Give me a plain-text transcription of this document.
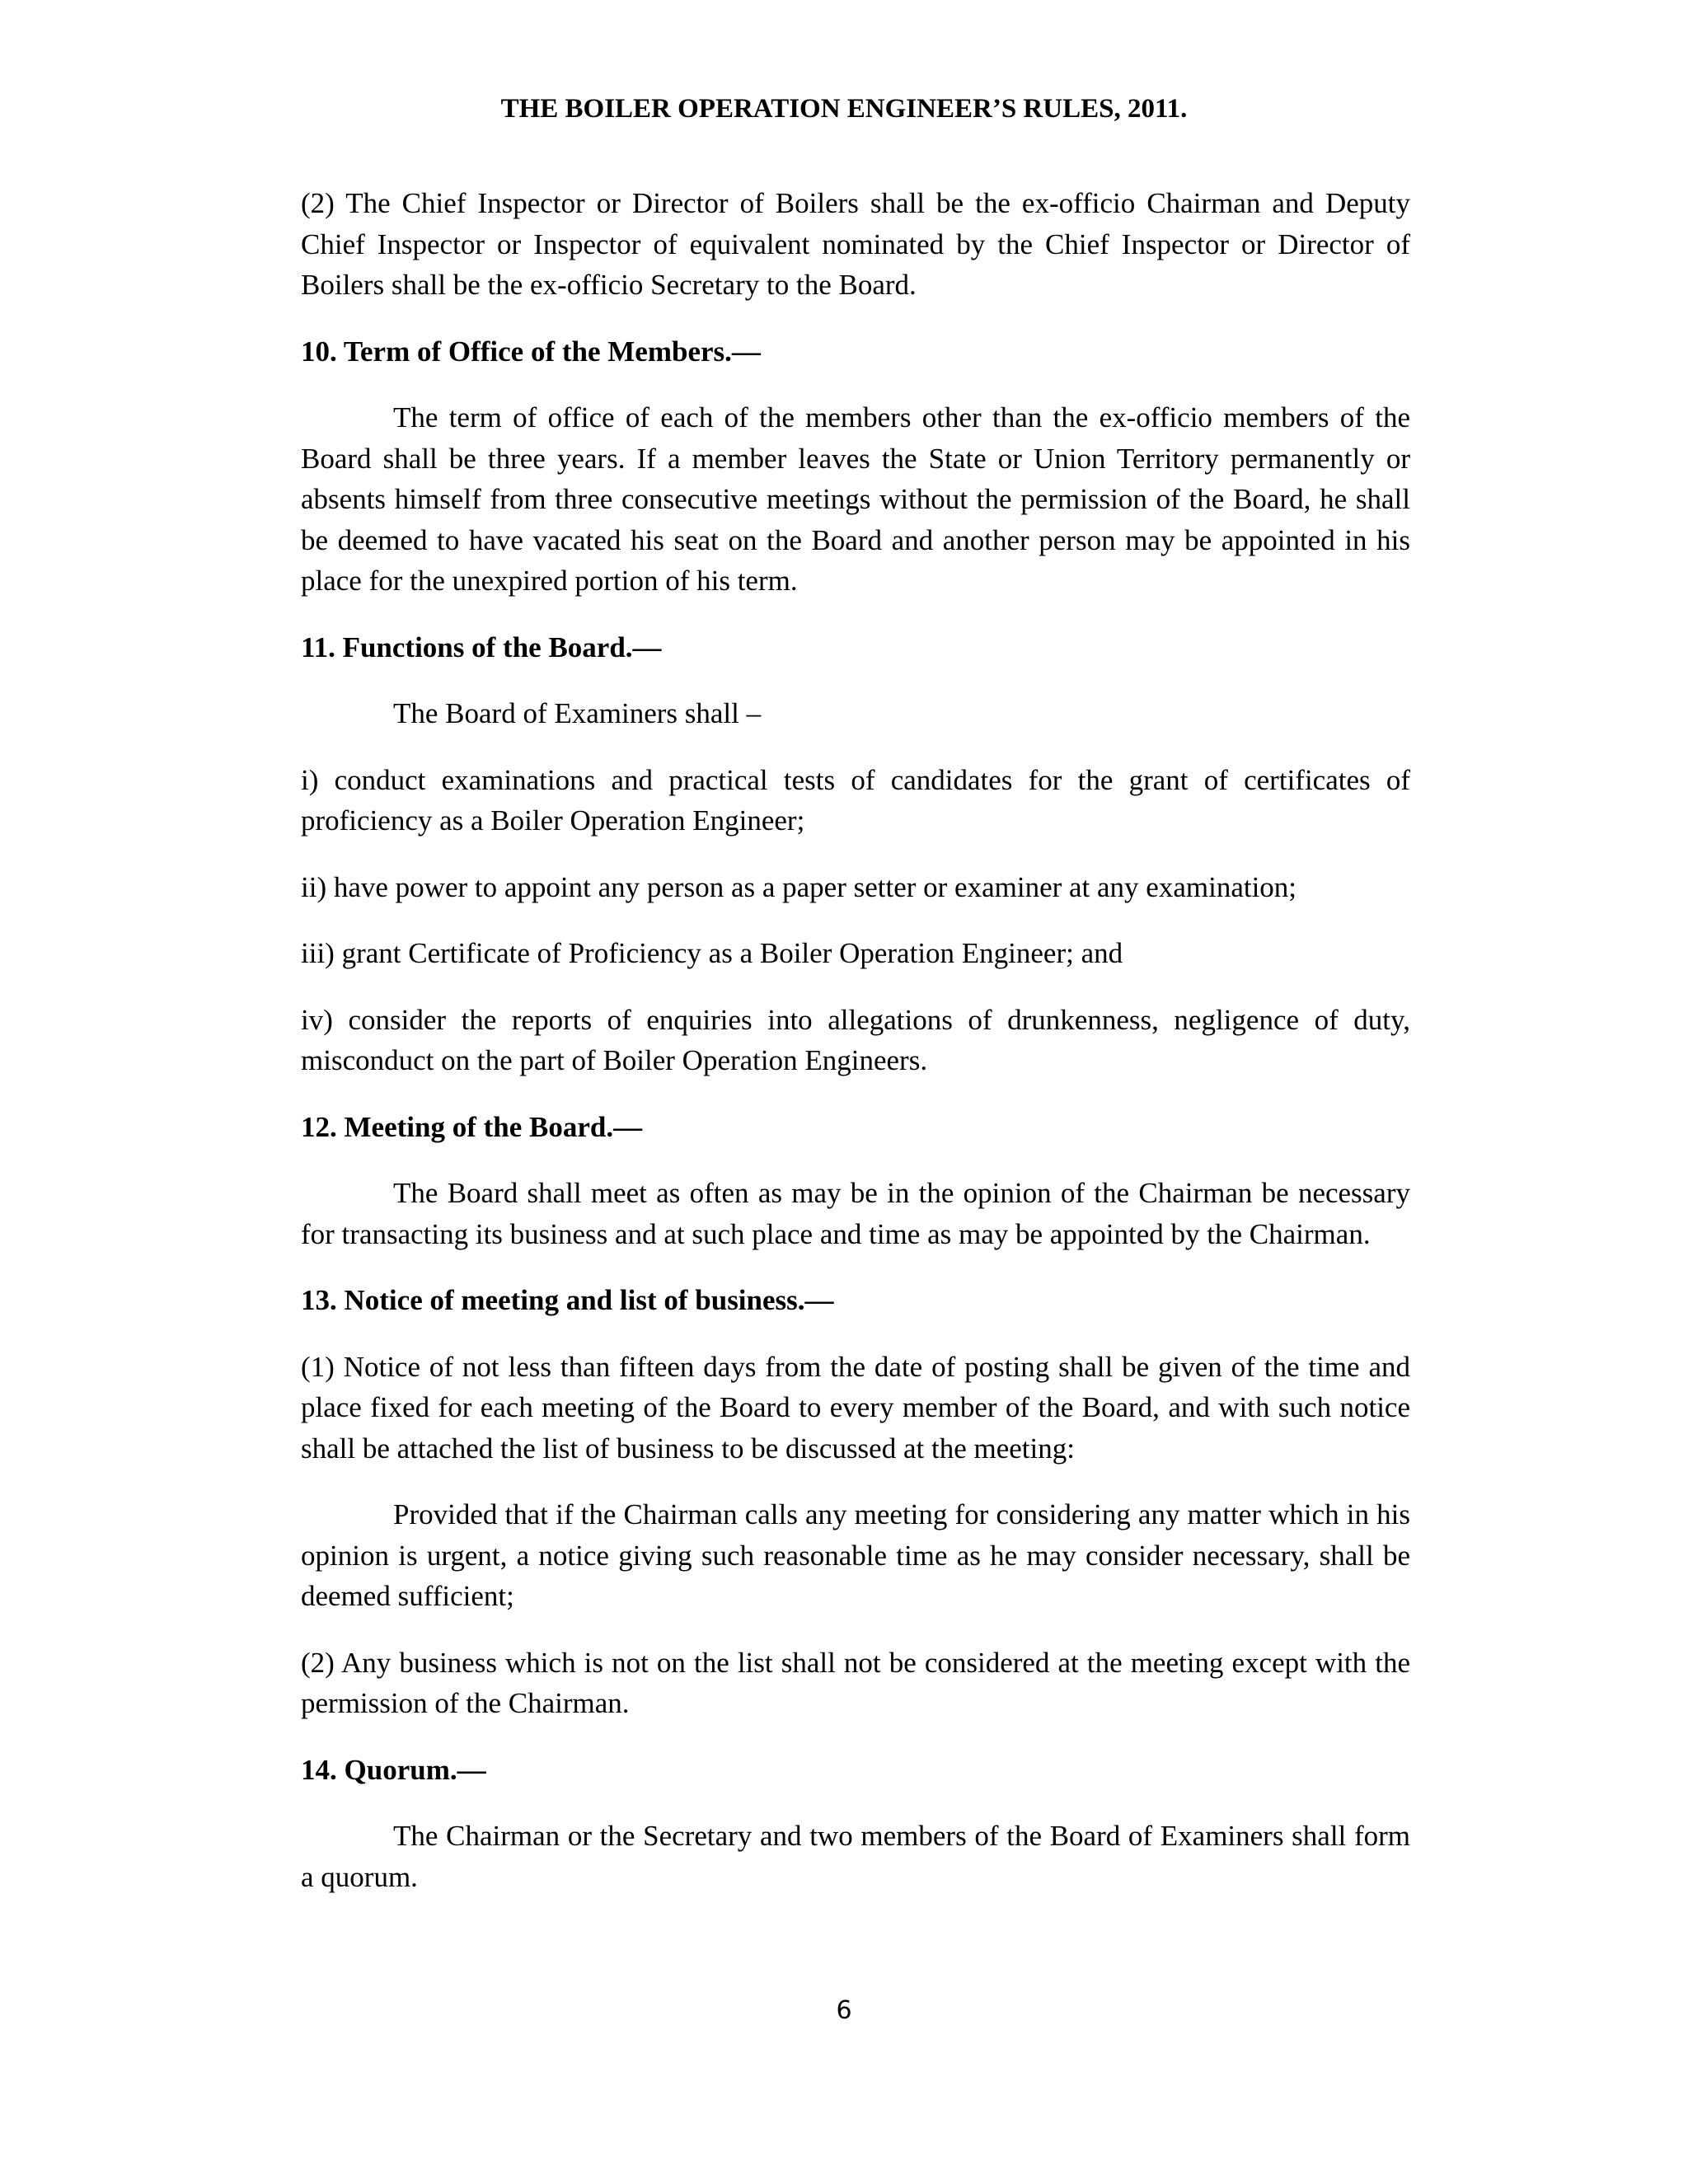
THE BOILER OPERATION ENGINEER’S RULES, 2011.

(2) The Chief Inspector or Director of Boilers shall be the ex-officio Chairman and Deputy Chief Inspector or Inspector of equivalent nominated by the Chief Inspector or Director of Boilers shall be the ex-officio Secretary to the Board.

10. Term of Office of the Members.—

The term of office of each of the members other than the ex-officio members of the Board shall be three years. If a member leaves the State or Union Territory permanently or absents himself from three consecutive meetings without the permission of the Board, he shall be deemed to have vacated his seat on the Board and another person may be appointed in his place for the unexpired portion of his term.

11. Functions of the Board.—

The Board of Examiners shall –

i) conduct examinations and practical tests of candidates for the grant of certificates of proficiency as a Boiler Operation Engineer;

ii) have power to appoint any person as a paper setter or examiner at any examination;

iii) grant Certificate of Proficiency as a Boiler Operation Engineer; and

iv) consider the reports of enquiries into allegations of drunkenness, negligence of duty, misconduct on the part of Boiler Operation Engineers.

12. Meeting of the Board.—

The Board shall meet as often as may be in the opinion of the Chairman be necessary for transacting its business and at such place and time as may be appointed by the Chairman.

13. Notice of meeting and list of business.—

(1) Notice of not less than fifteen days from the date of posting shall be given of the time and place fixed for each meeting of the Board to every member of the Board, and with such notice shall be attached the list of business to be discussed at the meeting:

Provided that if the Chairman calls any meeting for considering any matter which in his opinion is urgent, a notice giving such reasonable time as he may consider necessary, shall be deemed sufficient;

(2) Any business which is not on the list shall not be considered at the meeting except with the permission of the Chairman.

14. Quorum.—

The Chairman or the Secretary and two members of the Board of Examiners shall form a quorum.

6
